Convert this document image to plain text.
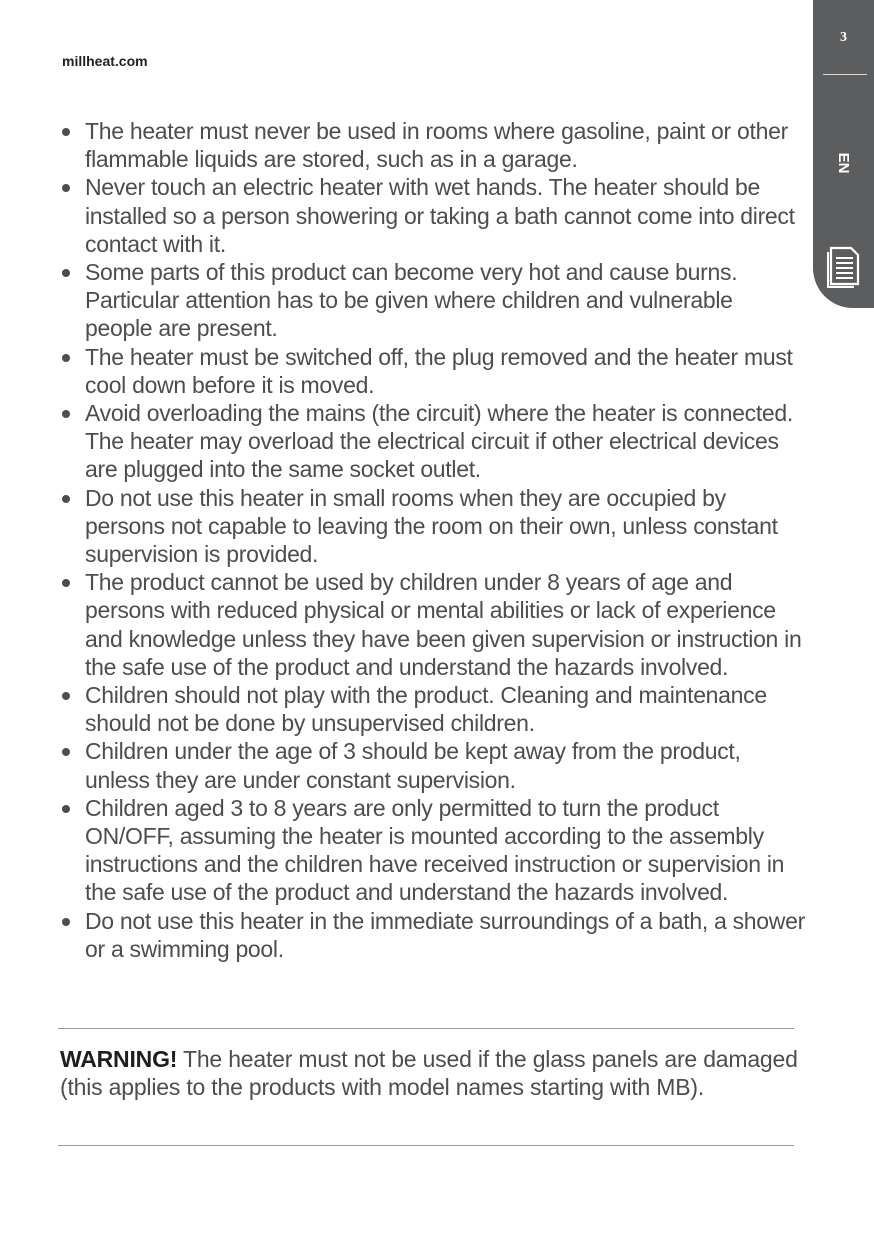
millheat.com
3
EN
The heater must never be used in rooms where gasoline, paint or other flammable liquids are stored, such as in a garage.
Never touch an electric heater with wet hands. The heater should be installed so a person showering or taking a bath cannot come into direct contact with it.
Some parts of this product can become very hot and cause burns. Particular attention has to be given where children and vulnerable people are present.
The heater must be switched off, the plug removed and the heater must cool down before it is moved.
Avoid overloading the mains (the circuit) where the heater is connected. The heater may overload the electrical circuit if other electrical devices are plugged into the same socket outlet.
Do not use this heater in small rooms when they are occupied by persons not capable to leaving the room on their own, unless constant supervision is provided.
The product cannot be used by children under 8 years of age and persons with reduced physical or mental abilities or lack of experience and knowledge unless they have been given supervision or instruction in the safe use of the product and understand the hazards involved.
Children should not play with the product. Cleaning and maintenance should not be done by unsupervised children.
Children under the age of 3 should be kept away from the product, unless they are under constant supervision.
Children aged 3 to 8 years are only permitted to turn the product ON/OFF, assuming the heater is mounted according to the assembly instructions and the children have received instruction or supervision in the safe use of the product and understand the hazards involved.
Do not use this heater in the immediate surroundings of a bath, a shower or a swimming pool.
WARNING! The heater must not be used if the glass panels are damaged (this applies to the products with model names starting with MB).
